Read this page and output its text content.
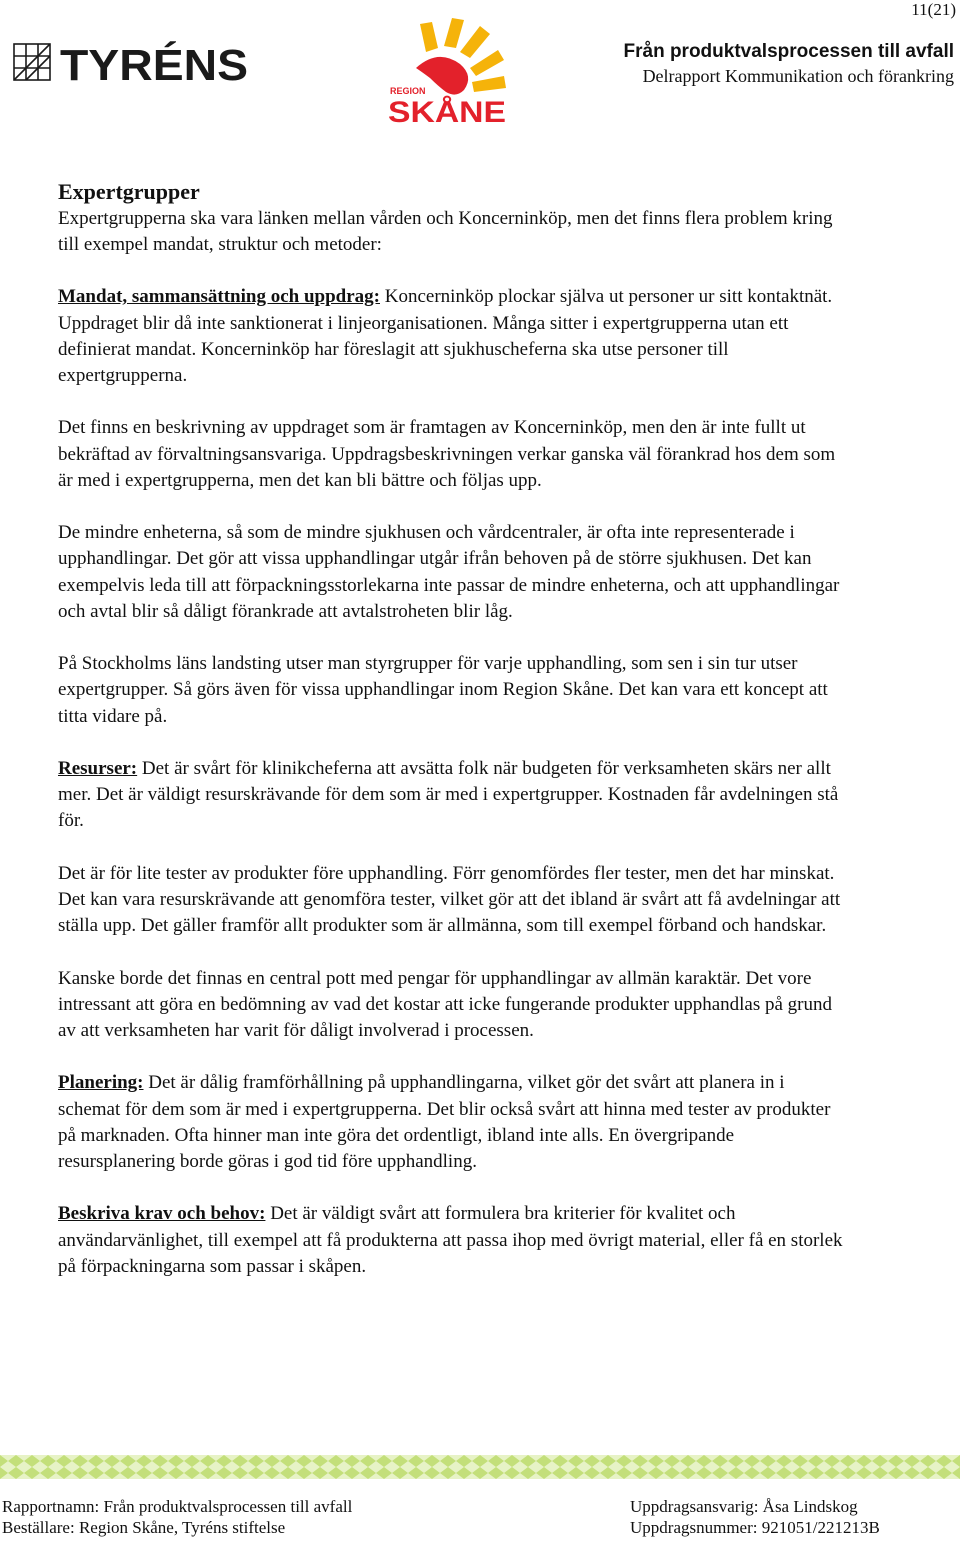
11(21)
TYRÉNS
REGION
SKÅNE
Från produktvalsprocessen till avfall
Delrapport Kommunikation och förankring
Expertgrupper

Expertgrupperna ska vara länken mellan vården och Koncerninköp, men det finns flera problem kring till exempel mandat, struktur och metoder:

Mandat, sammansättning och uppdrag: Koncerninköp plockar själva ut personer ur sitt kontaktnät. Uppdraget blir då inte sanktionerat i linjeorganisationen. Många sitter i expertgrupperna utan ett definierat mandat. Koncerninköp har föreslagit att sjukhuscheferna ska utse personer till expertgrupperna.

Det finns en beskrivning av uppdraget som är framtagen av Koncerninköp, men den är inte fullt ut bekräftad av förvaltningsansvariga. Uppdragsbeskrivningen verkar ganska väl förankrad hos dem som är med i expertgrupperna, men det kan bli bättre och följas upp.

De mindre enheterna, så som de mindre sjukhusen och vårdcentraler, är ofta inte representerade i upphandlingar. Det gör att vissa upphandlingar utgår ifrån behoven på de större sjukhusen. Det kan exempelvis leda till att förpackningsstorlekarna inte passar de mindre enheterna, och att upphandlingar och avtal blir så dåligt förankrade att avtalstroheten blir låg.

På Stockholms läns landsting utser man styrgrupper för varje upphandling, som sen i sin tur utser expertgrupper. Så görs även för vissa upphandlingar inom Region Skåne. Det kan vara ett koncept att titta vidare på.

Resurser: Det är svårt för klinikcheferna att avsätta folk när budgeten för verksamheten skärs ner allt mer. Det är väldigt resurskrävande för dem som är med i expertgrupper. Kostnaden får avdelningen stå för.

Det är för lite tester av produkter före upphandling. Förr genomfördes fler tester, men det har minskat. Det kan vara resurskrävande att genomföra tester, vilket gör att det ibland är svårt att få avdelningar att ställa upp. Det gäller framför allt produkter som är allmänna, som till exempel förband och handskar.

Kanske borde det finnas en central pott med pengar för upphandlingar av allmän karaktär. Det vore intressant att göra en bedömning av vad det kostar att icke fungerande produkter upphandlas på grund av att verksamheten har varit för dåligt involverad i processen.

Planering: Det är dålig framförhållning på upphandlingarna, vilket gör det svårt att planera in i schemat för dem som är med i expertgrupperna. Det blir också svårt att hinna med tester av produkter på marknaden. Ofta hinner man inte göra det ordentligt, ibland inte alls. En övergripande resursplanering borde göras i god tid före upphandling.

Beskriva krav och behov: Det är väldigt svårt att formulera bra kriterier för kvalitet och användarvänlighet, till exempel att få produkterna att passa ihop med övrigt material, eller få en storlek på förpackningarna som passar i skåpen.

Rapportnamn: Från produktvalsprocessen till avfall
Beställare: Region Skåne, Tyréns stiftelse
Uppdragsansvarig: Åsa Lindskog
Uppdragsnummer: 921051/221213B
